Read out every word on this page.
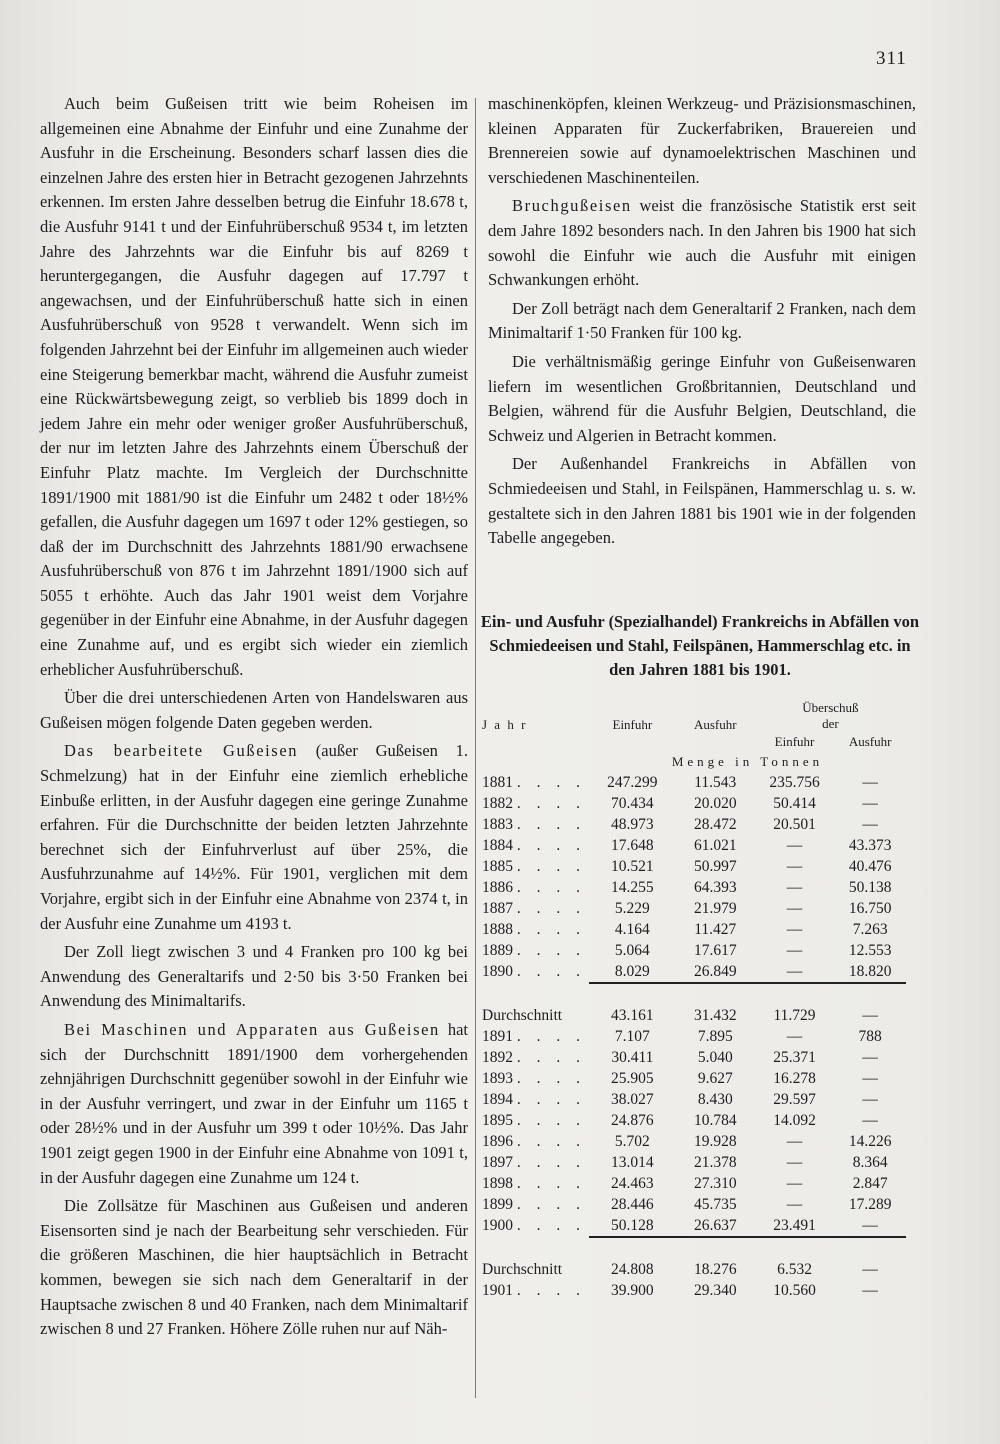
311

Auch beim Gußeisen tritt wie beim Roheisen im allgemeinen eine Abnahme der Einfuhr und eine Zunahme der Ausfuhr in die Erscheinung. Besonders scharf lassen dies die einzelnen Jahre des ersten hier in Betracht gezogenen Jahrzehnts erkennen. Im ersten Jahre desselben betrug die Einfuhr 18.678 t, die Ausfuhr 9141 t und der Einfuhrüberschuß 9534 t, im letzten Jahre des Jahrzehnts war die Einfuhr bis auf 8269 t heruntergegangen, die Ausfuhr dagegen auf 17.797 t angewachsen, und der Einfuhrüberschuß hatte sich in einen Ausfuhrüberschuß von 9528 t verwandelt. Wenn sich im folgenden Jahrzehnt bei der Einfuhr im allgemeinen auch wieder eine Steigerung bemerkbar macht, während die Ausfuhr zumeist eine Rückwärtsbewegung zeigt, so verblieb bis 1899 doch in jedem Jahre ein mehr oder weniger großer Ausfuhrüberschuß, der nur im letzten Jahre des Jahrzehnts einem Überschuß der Einfuhr Platz machte. Im Vergleich der Durchschnitte 1891/1900 mit 1881/90 ist die Einfuhr um 2482 t oder 18½% gefallen, die Ausfuhr dagegen um 1697 t oder 12% gestiegen, so daß der im Durchschnitt des Jahrzehnts 1881/90 erwachsene Ausfuhrüberschuß von 876 t im Jahrzehnt 1891/1900 sich auf 5055 t erhöhte. Auch das Jahr 1901 weist dem Vorjahre gegenüber in der Einfuhr eine Abnahme, in der Ausfuhr dagegen eine Zunahme auf, und es ergibt sich wieder ein ziemlich erheblicher Ausfuhrüberschuß.

Über die drei unterschiedenen Arten von Handelswaren aus Gußeisen mögen folgende Daten gegeben werden.

Das bearbeitete Gußeisen (außer Gußeisen 1. Schmelzung) hat in der Einfuhr eine ziemlich erhebliche Einbuße erlitten, in der Ausfuhr dagegen eine geringe Zunahme erfahren. Für die Durchschnitte der beiden letzten Jahrzehnte berechnet sich der Einfuhrverlust auf über 25%, die Ausfuhrzunahme auf 14½%. Für 1901, verglichen mit dem Vorjahre, ergibt sich in der Einfuhr eine Abnahme von 2374 t, in der Ausfuhr eine Zunahme um 4193 t.

Der Zoll liegt zwischen 3 und 4 Franken pro 100 kg bei Anwendung des Generaltarifs und 2·50 bis 3·50 Franken bei Anwendung des Minimaltarifs.

Bei Maschinen und Apparaten aus Gußeisen hat sich der Durchschnitt 1891/1900 dem vorhergehenden zehnjährigen Durchschnitt gegenüber sowohl in der Einfuhr wie in der Ausfuhr verringert, und zwar in der Einfuhr um 1165 t oder 28½% und in der Ausfuhr um 399 t oder 10½%. Das Jahr 1901 zeigt gegen 1900 in der Einfuhr eine Abnahme von 1091 t, in der Ausfuhr dagegen eine Zunahme um 124 t.

Die Zollsätze für Maschinen aus Gußeisen und anderen Eisensorten sind je nach der Bearbeitung sehr verschieden. Für die größeren Maschinen, die hier hauptsächlich in Betracht kommen, bewegen sie sich nach dem Generaltarif in der Hauptsache zwischen 8 und 40 Franken, nach dem Minimaltarif zwischen 8 und 27 Franken. Höhere Zölle ruhen nur auf Näh-

maschinenköpfen, kleinen Werkzeug- und Präzisionsmaschinen, kleinen Apparaten für Zuckerfabriken, Brauereien und Brennereien sowie auf dynamoelektrischen Maschinen und verschiedenen Maschinenteilen.

Bruchgußeisen weist die französische Statistik erst seit dem Jahre 1892 besonders nach. In den Jahren bis 1900 hat sich sowohl die Einfuhr wie auch die Ausfuhr mit einigen Schwankungen erhöht.

Der Zoll beträgt nach dem Generaltarif 2 Franken, nach dem Minimaltarif 1·50 Franken für 100 kg.

Die verhältnismäßig geringe Einfuhr von Gußeisenwaren liefern im wesentlichen Großbritannien, Deutschland und Belgien, während für die Ausfuhr Belgien, Deutschland, die Schweiz und Algerien in Betracht kommen.

Der Außenhandel Frankreichs in Abfällen von Schmiedeeisen und Stahl, in Feilspänen, Hammerschlag u. s. w. gestaltete sich in den Jahren 1881 bis 1901 wie in der folgenden Tabelle angegeben.

Ein- und Ausfuhr (Spezialhandel) Frankreichs in Abfällen von Schmiedeeisen und Stahl, Feilspänen, Hammerschlag etc. in den Jahren 1881 bis 1901.
J a h r	Einfuhr	Ausfuhr	Überschuß	
			der	
			Einfuhr	Ausfuhr
	Menge in Tonnen			
1881 . . . .	247.299	11.543	235.756	—
1882 . . . .	70.434	20.020	50.414	—
1883 . . . .	48.973	28.472	20.501	—
1884 . . . .	17.648	61.021	—	43.373
1885 . . . .	10.521	50.997	—	40.476
1886 . . . .	14.255	64.393	—	50.138
1887 . . . .	5.229	21.979	—	16.750
1888 . . . .	4.164	11.427	—	7.263
1889 . . . .	5.064	17.617	—	12.553
1890 . . . .	8.029	26.849	—	18.820

Durchschnitt	43.161	31.432	11.729	—
1891 . . . .	7.107	7.895	—	788
1892 . . . .	30.411	5.040	25.371	—
1893 . . . .	25.905	9.627	16.278	—
1894 . . . .	38.027	8.430	29.597	—
1895 . . . .	24.876	10.784	14.092	—
1896 . . . .	5.702	19.928	—	14.226
1897 . . . .	13.014	21.378	—	8.364
1898 . . . .	24.463	27.310	—	2.847
1899 . . . .	28.446	45.735	—	17.289
1900 . . . .	50.128	26.637	23.491	—

Durchschnitt	24.808	18.276	6.532	—
1901 . . . .	39.900	29.340	10.560	—
